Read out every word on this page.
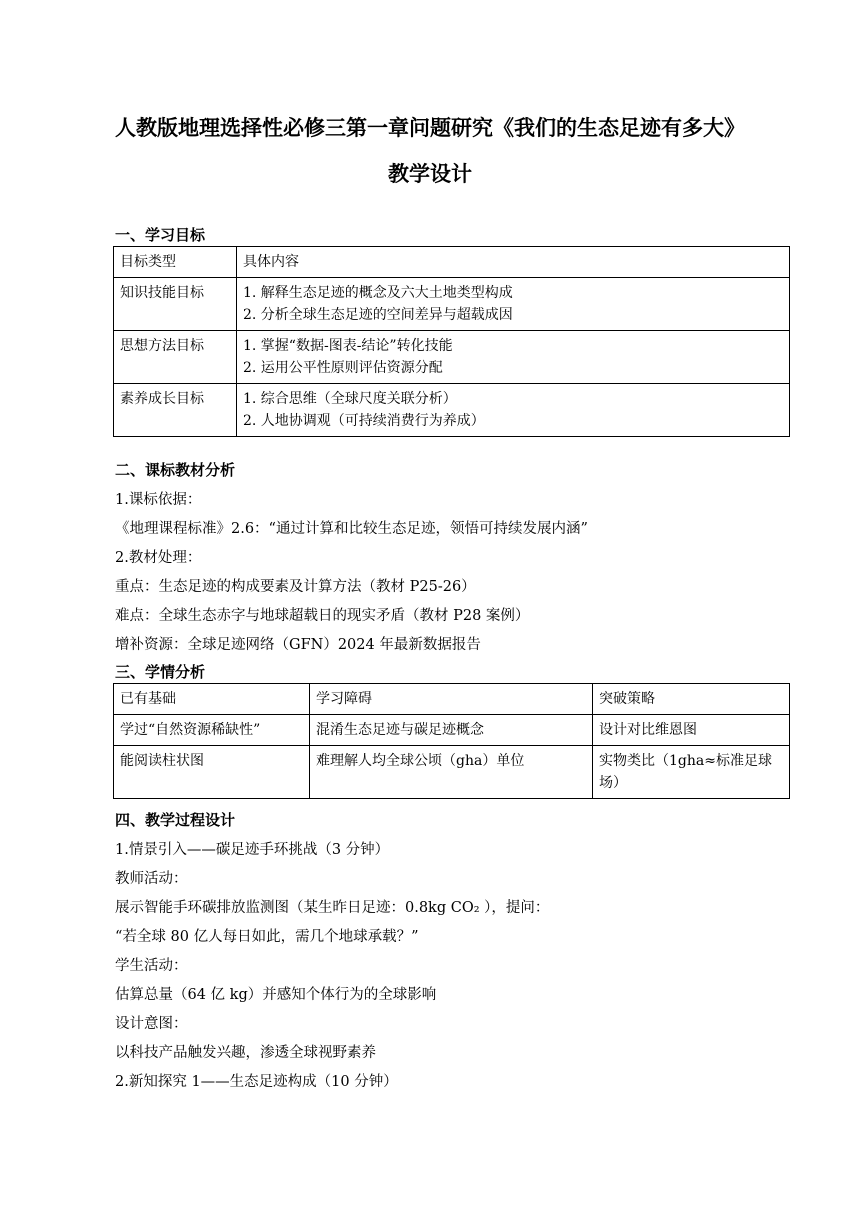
人教版地理选择性必修三第一章问题研究《我们的生态足迹有多大》
教学设计
一、学习目标
目标类型	具体内容
知识技能目标	1. 解释生态足迹的概念及六大土地类型构成
2. 分析全球生态足迹的空间差异与超载成因

思想方法目标	1. 掌握“数据-图表-结论”转化技能
2. 运用公平性原则评估资源分配

素养成长目标	1. 综合思维（全球尺度关联分析）
2. 人地协调观（可持续消费行为养成）
二、课标教材分析
1.课标依据：
《地理课程标准》2.6：“通过计算和比较生态足迹，领悟可持续发展内涵”
2.教材处理：
重点：生态足迹的构成要素及计算方法（教材 P25-26）
难点：全球生态赤字与地球超载日的现实矛盾（教材 P28 案例）
增补资源：全球足迹网络（GFN）2024 年最新数据报告
三、学情分析
已有基础	学习障碍	突破策略
学过“自然资源稀缺性”	混淆生态足迹与碳足迹概念	设计对比维恩图
能阅读柱状图	难理解人均全球公顷（gha）单位	实物类比（1gha≈标准足球场）
四、教学过程设计
1.情景引入——碳足迹手环挑战（3 分钟）
教师活动：
展示智能手环碳排放监测图（某生昨日足迹：0.8kg CO₂ ），提问：
“若全球 80 亿人每日如此，需几个地球承载？”
学生活动：
估算总量（64 亿 kg）并感知个体行为的全球影响
设计意图：
以科技产品触发兴趣，渗透全球视野素养
2.新知探究 1——生态足迹构成（10 分钟）
